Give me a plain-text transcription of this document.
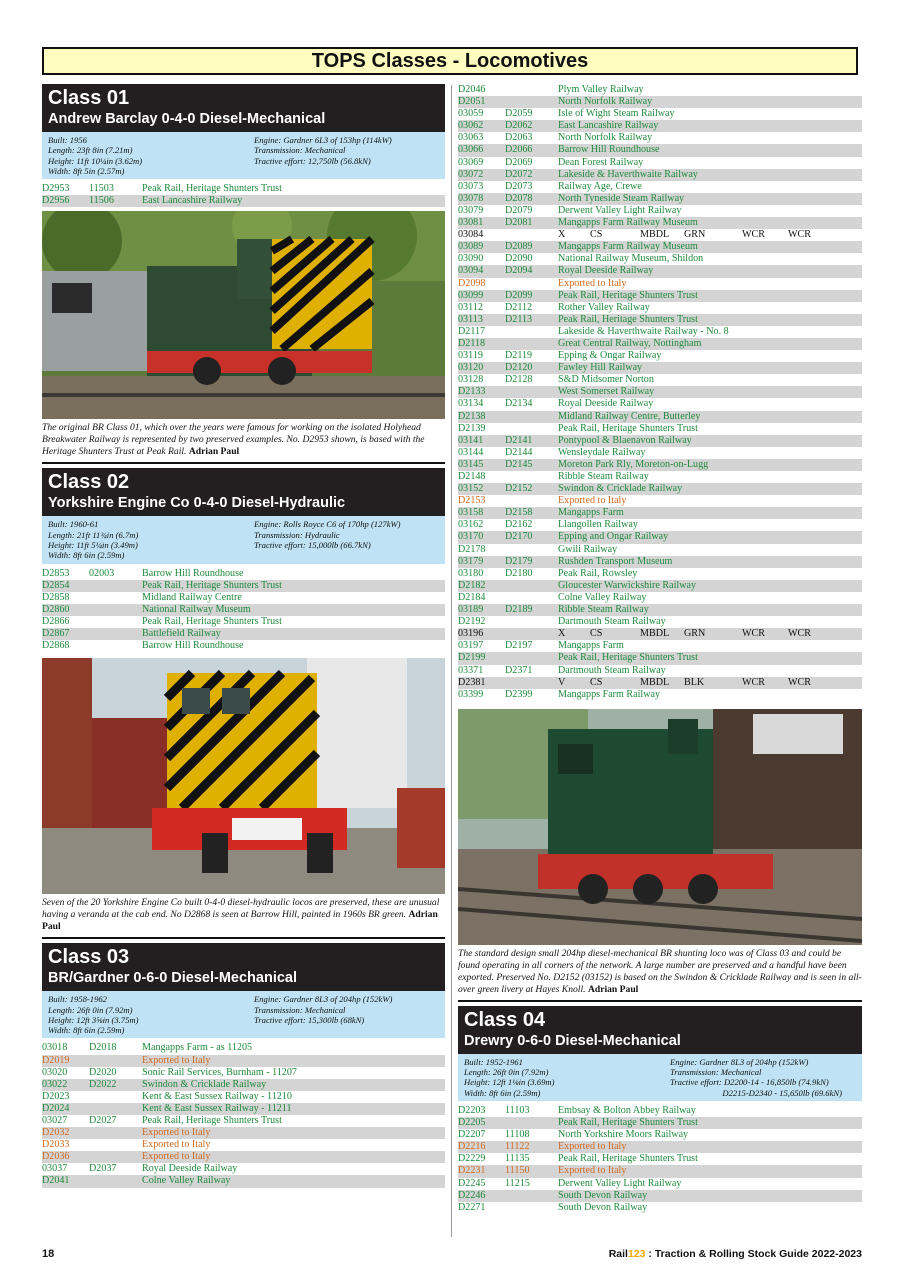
TOPS Classes - Locomotives
Class 01
Andrew Barclay 0-4-0 Diesel-Mechanical
Built: 1956
Length: 23ft 8in (7.21m)
Height: 11ft 10¼in (3.62m)
Width: 8ft 5in (2.57m)
Engine: Gardner 6L3 of 153hp (114kW)
Transmission: Mechanical
Tractive effort: 12,750lb (56.8kN)
D2953	11503	Peak Rail, Heritage Shunters Trust
D2956	11506	East Lancashire Railway
The original BR Class 01, which over the years were famous for working on the isolated Holyhead Breakwater Railway is represented by two preserved examples. No. D2953 shown, is based with the Heritage Shunters Trust at Peak Rail. Adrian Paul
Class 02
Yorkshire Engine Co 0-4-0 Diesel-Hydraulic
Built: 1960-61
Length: 21ft 11¾in (6.7m)
Height: 11ft 5¼in (3.49m)
Width: 8ft 6in (2.59m)
Engine: Rolls Royce C6 of 170hp (127kW)
Transmission: Hydraulic
Tractive effort: 15,000lb (66.7kN)
D2853	02003	Barrow Hill Roundhouse
D2854	Peak Rail, Heritage Shunters Trust
D2858	Midland Railway Centre
D2860	National Railway Museum
D2866	Peak Rail, Heritage Shunters Trust
D2867	Battlefield Railway
D2868	Barrow Hill Roundhouse
Seven of the 20 Yorkshire Engine Co built 0-4-0 diesel-hydraulic locos are preserved, these are unusual having a veranda at the cab end. No D2868 is seen at Barrow Hill, painted in 1960s BR green. Adrian Paul
Class 03
BR/Gardner 0-6-0 Diesel-Mechanical
Built: 1958-1962
Length: 26ft 0in (7.92m)
Height: 12ft 3⅝in (3.75m)
Width: 8ft 6in (2.59m)
Engine: Gardner 8L3 of 204hp (152kW)
Transmission: Mechanical
Tractive effort: 15,300lb (68kN)
03018	D2018	Mangapps Farm - as 11205
D2019	Exported to Italy
03020	D2020	Sonic Rail Services, Burnham - 11207
03022	D2022	Swindon & Cricklade Railway
D2023	Kent & East Sussex Railway - 11210
D2024	Kent & East Sussex Railway - 11211
03027	D2027	Peak Rail, Heritage Shunters Trust
D2032	Exported to Italy
D2033	Exported to Italy
D2036	Exported to Italy
03037	D2037	Royal Deeside Railway
D2041	Colne Valley Railway
D2046	Plym Valley Railway
D2051	North Norfolk Railway
03059	D2059	Isle of Wight Steam Railway
03062	D2062	East Lancashire Railway
03063	D2063	North Norfolk Railway
03066	D2066	Barrow Hill Roundhouse
03069	D2069	Dean Forest Railway
03072	D2072	Lakeside & Haverthwaite Railway
03073	D2073	Railway Age, Crewe
03078	D2078	North Tyneside Steam Railway
03079	D2079	Derwent Valley Light Railway
03081	D2081	Mangapps Farm Railway Museum
03084	X	CS	MBDL	GRN	WCR	WCR
03089	D2089	Mangapps Farm Railway Museum
03090	D2090	National Railway Museum, Shildon
03094	D2094	Royal Deeside Railway
D2098	Exported to Italy
03099	D2099	Peak Rail, Heritage Shunters Trust
03112	D2112	Rother Valley Railway
03113	D2113	Peak Rail, Heritage Shunters Trust
D2117	Lakeside & Haverthwaite Railway - No. 8
D2118	Great Central Railway, Nottingham
03119	D2119	Epping & Ongar Railway
03120	D2120	Fawley Hill Railway
03128	D2128	S&D Midsomer Norton
D2133	West Somerset Railway
03134	D2134	Royal Deeside Railway
D2138	Midland Railway Centre, Butterley
D2139	Peak Rail, Heritage Shunters Trust
03141	D2141	Pontypool & Blaenavon Railway
03144	D2144	Wensleydale Railway
03145	D2145	Moreton Park Rly, Moreton-on-Lugg
D2148	Ribble Steam Railway
03152	D2152	Swindon & Cricklade Railway
D2153	Exported to Italy
03158	D2158	Mangapps Farm
03162	D2162	Llangollen Railway
03170	D2170	Epping and Ongar Railway
D2178	Gwili Railway
03179	D2179	Rushden Transport Museum
03180	D2180	Peak Rail, Rowsley
D2182	Gloucester Warwickshire Railway
D2184	Colne Valley Railway
03189	D2189	Ribble Steam Railway
D2192	Dartmouth Steam Railway
03196	X	CS	MBDL	GRN	WCR	WCR
03197	D2197	Mangapps Farm
D2199	Peak Rail, Heritage Shunters Trust
03371	D2371	Dartmouth Steam Railway
D2381	V	CS	MBDL	BLK	WCR	WCR
03399	D2399	Mangapps Farm Railway
The standard design small 204hp diesel-mechanical BR shunting loco was of Class 03 and could be found operating in all corners of the network. A large number are preserved and a handful have been exported. Preserved No. D2152 (03152) is based on the Swindon & Cricklade Railway and is seen in all-over green livery at Hayes Knoll. Adrian Paul
Class 04
Drewry 0-6-0 Diesel-Mechanical
Built: 1952-1961
Length: 26ft 0in (7.92m)
Height: 12ft 1⅛in (3.69m)
Width: 8ft 6in (2.59m)
Engine: Gardner 8L3 of 204hp (152kW)
Transmission: Mechanical
Tractive effort: D2200-14 - 16,850lb (74.9kN)
D2215-D2340 - 15,650lb (69.6kN)
D2203	11103	Embsay & Bolton Abbey Railway
D2205	Peak Rail, Heritage Shunters Trust
D2207	11108	North Yorkshire Moors Railway
D2216	11122	Exported to Italy
D2229	11135	Peak Rail, Heritage Shunters Trust
D2231	11150	Exported to Italy
D2245	11215	Derwent Valley Light Railway
D2246	South Devon Railway
D2271	South Devon Railway
18	Rail123 : Traction & Rolling Stock Guide 2022-2023
